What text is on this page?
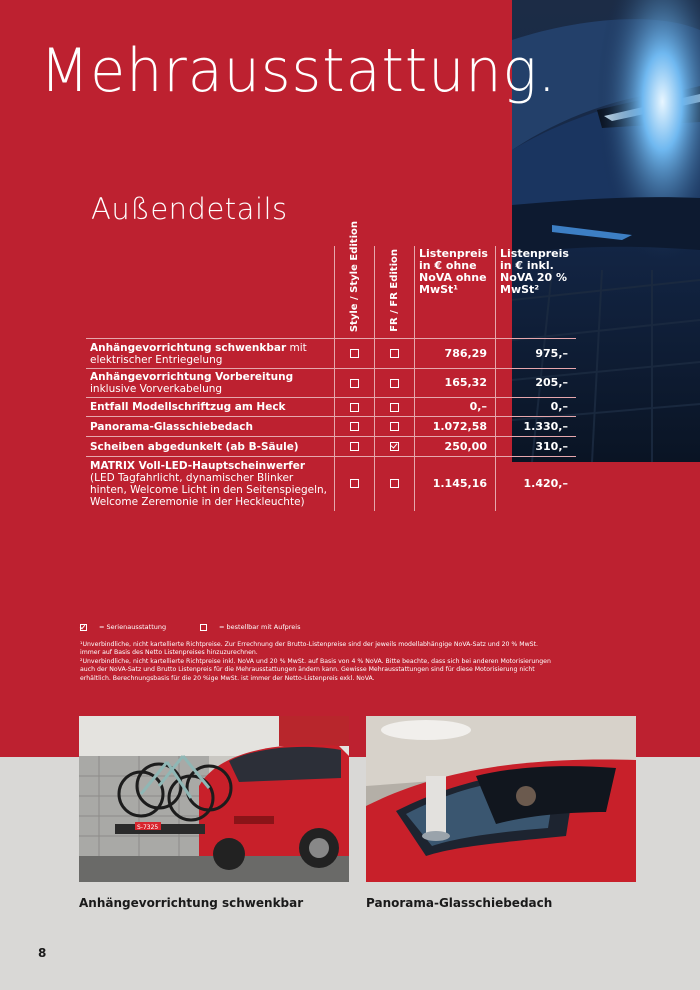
Mehrausstattung.
Außendetails

	Style / Style Edition	FR / FR Edition	Listenpreis in € ohne NoVA ohne MwSt¹	Listenpreis in € inkl. NoVA 20 % MwSt²
Anhängevorrichtung schwenkbar mit elektrischer Entriegelung			786,29	975,–
Anhängevorrichtung Vorbereitung inklusive Vorverkabelung			165,32	205,–
Entfall Modellschriftzug am Heck			0,–	0,–
Panorama-Glasschiebedach			1.072,58	1.330,–
Scheiben abgedunkelt (ab B-Säule)			250,00	310,–
MATRIX Voll-LED-Hauptscheinwerfer (LED Tagfahrlicht, dynamischer Blinker hinten, Welcome Licht in den Seitenspiegeln, Welcome Zeremonie in der Heckleuchte)			1.145,16	1.420,–
= Serienausstattung	= bestellbar mit Aufpreis

¹Unverbindliche, nicht kartellierte Richtpreise. Zur Errechnung der Brutto-Listenpreise sind der jeweils modellabhängige NoVA-Satz und 20 % MwSt. immer auf Basis des Netto Listenpreises hinzuzurechnen.

²Unverbindliche, nicht kartellierte Richtpreise inkl. NoVA und 20 % MwSt. auf Basis von 4 % NoVA. Bitte beachte, dass sich bei anderen Motorisierungen auch der NoVA-Satz und Brutto Listenpreis für die Mehrausstattungen ändern kann. Gewisse Mehrausstattungen sind für diese Motorisierung nicht erhältlich. Berechnungsbasis für die 20 %ige MwSt. ist immer der Netto-Listenpreis exkl. NoVA.

S-7325
Anhängevorrichtung schwenkbar	Panorama-Glasschiebedach
8
